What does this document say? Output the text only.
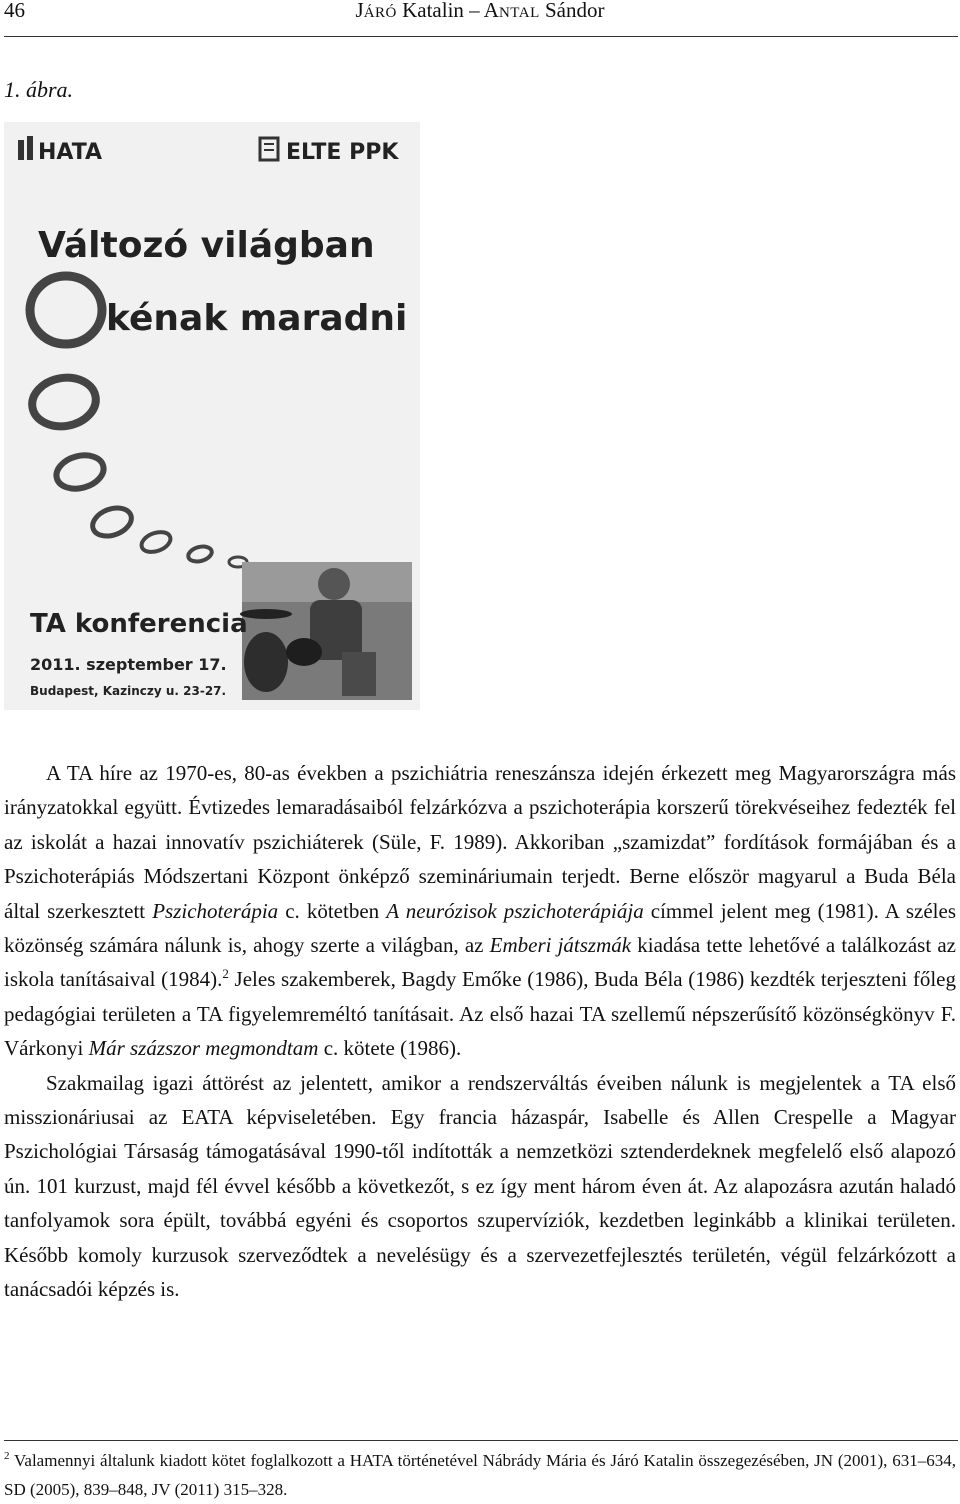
46	JÁRÓ Katalin – ANTAL Sándor
1. ábra.
HATA	ELTE PPK
Változó világban
kénak maradni
TA konferencia
2011. szeptember 17.
Budapest, Kazinczy u. 23-27.

A TA híre az 1970-es, 80-as években a pszichiátria reneszánsza idején érkezett meg Magyarországra más irányzatokkal együtt. Évtizedes lemaradásaiból felzárkózva a pszichoterápia korszerű törekvéseihez fedezték fel az iskolát a hazai innovatív pszichiáterek (Süle, F. 1989). Akkoriban „szamizdat” fordítások formájában és a Pszichoterápiás Módszertani Központ önképző szemináriumain terjedt. Berne először magyarul a Buda Béla által szerkesztett Pszichoterápia c. kötetben A neurózisok pszichoterápiája címmel jelent meg (1981). A széles közönség számára nálunk is, ahogy szerte a világban, az Emberi játszmák kiadása tette lehetővé a találkozást az iskola tanításaival (1984).$^2$ Jeles szakemberek, Bagdy Emőke (1986), Buda Béla (1986) kezdték terjeszteni főleg pedagógiai területen a TA figyelemreméltó tanításait. Az első hazai TA szellemű népszerűsítő közönségkönyv F. Várkonyi Már százszor megmondtam c. kötete (1986).

Szakmailag igazi áttörést az jelentett, amikor a rendszerváltás éveiben nálunk is megjelentek a TA első misszionáriusai az EATA képviseletében. Egy francia házaspár, Isabelle és Allen Crespelle a Magyar Pszichológiai Társaság támogatásával 1990-től indították a nemzetközi sztenderdeknek megfelelő első alapozó ún. 101 kurzust, majd fél évvel később a következőt, s ez így ment három éven át. Az alapozásra azután haladó tanfolyamok sora épült, továbbá egyéni és csoportos szupervíziók, kezdetben leginkább a klinikai területen. Később komoly kurzusok szerveződtek a nevelésügy és a szervezetfejlesztés területén, végül felzárkózott a tanácsadói képzés is.

$^2$ Valamennyi általunk kiadott kötet foglalkozott a HATA történetével Nábrády Mária és Járó Katalin összegezésében, JN (2001), 631–634, SD (2005), 839–848, JV (2011) 315–328.
